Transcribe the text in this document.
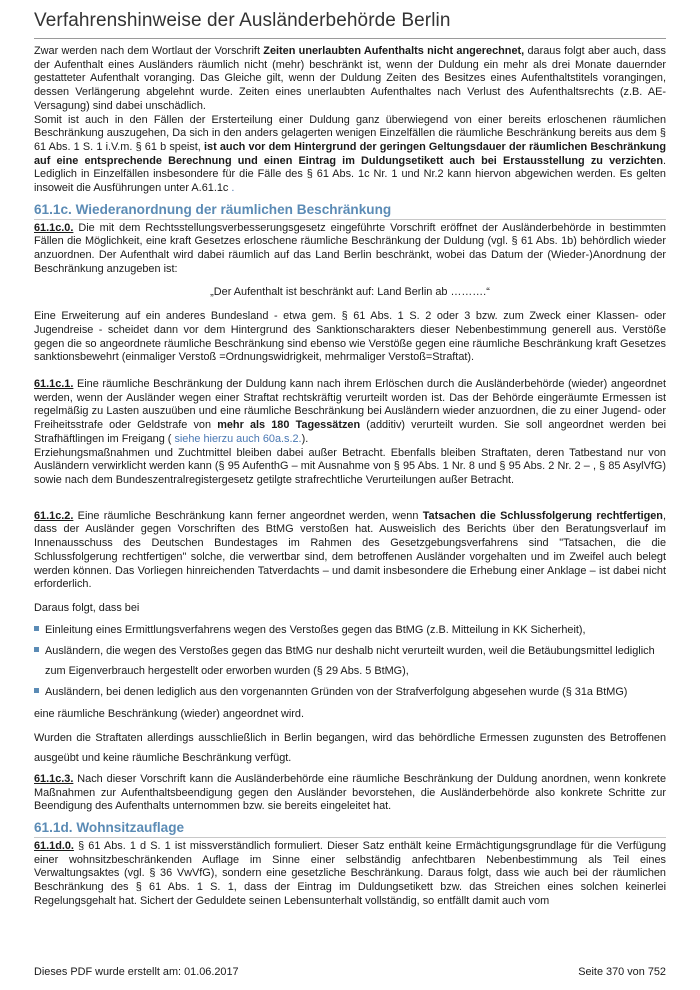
Verfahrenshinweise der Ausländerbehörde Berlin

Zwar werden nach dem Wortlaut der Vorschrift Zeiten unerlaubten Aufenthalts nicht angerechnet, daraus folgt aber auch, dass der Aufenthalt eines Ausländers räumlich nicht (mehr) beschränkt ist, wenn der Duldung ein mehr als drei Monate dauernder gestatteter Aufenthalt voranging. Das Gleiche gilt, wenn der Duldung Zeiten des Besitzes eines Aufenthaltstitels vorangingen, dessen Verlängerung abgelehnt wurde. Zeiten eines unerlaubten Aufenthaltes nach Verlust des Aufenthaltsrechts (z.B. AE-Versagung) sind dabei unschädlich.

Somit ist auch in den Fällen der Ersterteilung einer Duldung ganz überwiegend von einer bereits erloschenen räumlichen Beschränkung auszugehen, Da sich in den anders gelagerten wenigen Einzelfällen die räumliche Beschränkung bereits aus dem § 61 Abs. 1 S. 1 i.V.m. § 61 b speist, ist auch vor dem Hintergrund der geringen Geltungsdauer der räumlichen Beschränkung auf eine entsprechende Berechnung und einen Eintrag im Duldungsetikett auch bei Erstausstellung zu verzichten. Lediglich in Einzelfällen insbesondere für die Fälle des § 61 Abs. 1c Nr. 1 und Nr.2 kann hiervon abgewichen werden. Es gelten insoweit die Ausführungen unter A.61.1c .

61.1c. Wiederanordnung der räumlichen Beschränkung

61.1c.0. Die mit dem Rechtsstellungsverbesserungsgesetz eingeführte Vorschrift eröffnet der Ausländerbehörde in bestimmten Fällen die Möglichkeit, eine kraft Gesetzes erloschene räumliche Beschränkung der Duldung (vgl. § 61 Abs. 1b) behördlich wieder anzuordnen. Der Aufenthalt wird dabei räumlich auf das Land Berlin beschränkt, wobei das Datum der (Wieder-)Anordnung der Beschränkung anzugeben ist:

„Der Aufenthalt ist beschränkt auf: Land Berlin ab ……….“

Eine Erweiterung auf ein anderes Bundesland - etwa gem. § 61 Abs. 1 S. 2 oder 3 bzw. zum Zweck einer Klassen- oder Jugendreise - scheidet dann vor dem Hintergrund des Sanktionscharakters dieser Nebenbestimmung generell aus. Verstöße gegen die so angeordnete räumliche Beschränkung sind ebenso wie Verstöße gegen eine räumliche Beschränkung kraft Gesetzes sanktionsbewehrt (einmaliger Verstoß =Ordnungswidrigkeit, mehrmaliger Verstoß=Straftat).

61.1c.1. Eine räumliche Beschränkung der Duldung kann nach ihrem Erlöschen durch die Ausländerbehörde (wieder) angeordnet werden, wenn der Ausländer wegen einer Straftat rechtskräftig verurteilt worden ist. Das der Behörde eingeräumte Ermessen ist regelmäßig zu Lasten auszuüben und eine räumliche Beschränkung bei Ausländern wieder anzuordnen, die zu einer Jugend- oder Freiheitsstrafe oder Geldstrafe von mehr als 180 Tagessätzen (additiv) verurteilt wurden. Sie soll angeordnet werden bei Strafhäftlingen im Freigang ( siehe hierzu auch 60a.s.2.).

Erziehungsmaßnahmen und Zuchtmittel bleiben dabei außer Betracht. Ebenfalls bleiben Straftaten, deren Tatbestand nur von Ausländern verwirklicht werden kann (§ 95 AufenthG – mit Ausnahme von § 95 Abs. 1 Nr. 8 und § 95 Abs. 2 Nr. 2 – , § 85 AsylVfG) sowie nach dem Bundeszentralregistergesetz getilgte strafrechtliche Verurteilungen außer Betracht.

61.1c.2. Eine räumliche Beschränkung kann ferner angeordnet werden, wenn Tatsachen die Schlussfolgerung rechtfertigen, dass der Ausländer gegen Vorschriften des BtMG verstoßen hat. Ausweislich des Berichts über den Beratungsverlauf im Innenausschuss des Deutschen Bundestages im Rahmen des Gesetzgebungsverfahrens sind "Tatsachen, die die Schlussfolgerung rechtfertigen" solche, die verwertbar sind, dem betroffenen Ausländer vorgehalten und im Zweifel auch belegt werden können. Das Vorliegen hinreichenden Tatverdachts – und damit insbesondere die Erhebung einer Anklage – ist dabei nicht erforderlich.

Daraus folgt, dass bei

Einleitung eines Ermittlungsverfahrens wegen des Verstoßes gegen das BtMG (z.B. Mitteilung in KK Sicherheit),
Ausländern, die wegen des Verstoßes gegen das BtMG nur deshalb nicht verurteilt wurden, weil die Betäubungsmittel lediglich zum Eigenverbrauch hergestellt oder erworben wurden (§ 29 Abs. 5 BtMG),
Ausländern, bei denen lediglich aus den vorgenannten Gründen von der Strafverfolgung abgesehen wurde (§ 31a BtMG)

eine räumliche Beschränkung (wieder) angeordnet wird.

Wurden die Straftaten allerdings ausschließlich in Berlin begangen, wird das behördliche Ermessen zugunsten des Betroffenen ausgeübt und keine räumliche Beschränkung verfügt.

61.1c.3. Nach dieser Vorschrift kann die Ausländerbehörde eine räumliche Beschränkung der Duldung anordnen, wenn konkrete Maßnahmen zur Aufenthaltsbeendigung gegen den Ausländer bevorstehen, die Ausländerbehörde also konkrete Schritte zur Beendigung des Aufenthalts unternommen bzw. sie bereits eingeleitet hat.

61.1d. Wohnsitzauflage

61.1d.0. § 61 Abs. 1 d S. 1 ist missverständlich formuliert. Dieser Satz enthält keine Ermächtigungsgrundlage für die Verfügung einer wohnsitzbeschränkenden Auflage im Sinne einer selbständig anfechtbaren Nebenbestimmung als Teil eines Verwaltungsaktes (vgl. § 36 VwVfG), sondern eine gesetzliche Beschränkung. Daraus folgt, dass wie auch bei der räumlichen Beschränkung des § 61 Abs. 1 S. 1, dass der Eintrag im Duldungsetikett bzw. das Streichen eines solchen keinerlei Regelungsgehalt hat. Sichert der Geduldete seinen Lebensunterhalt vollständig, so entfällt damit auch vom

Dieses PDF wurde erstellt am: 01.06.2017	Seite 370 von 752
